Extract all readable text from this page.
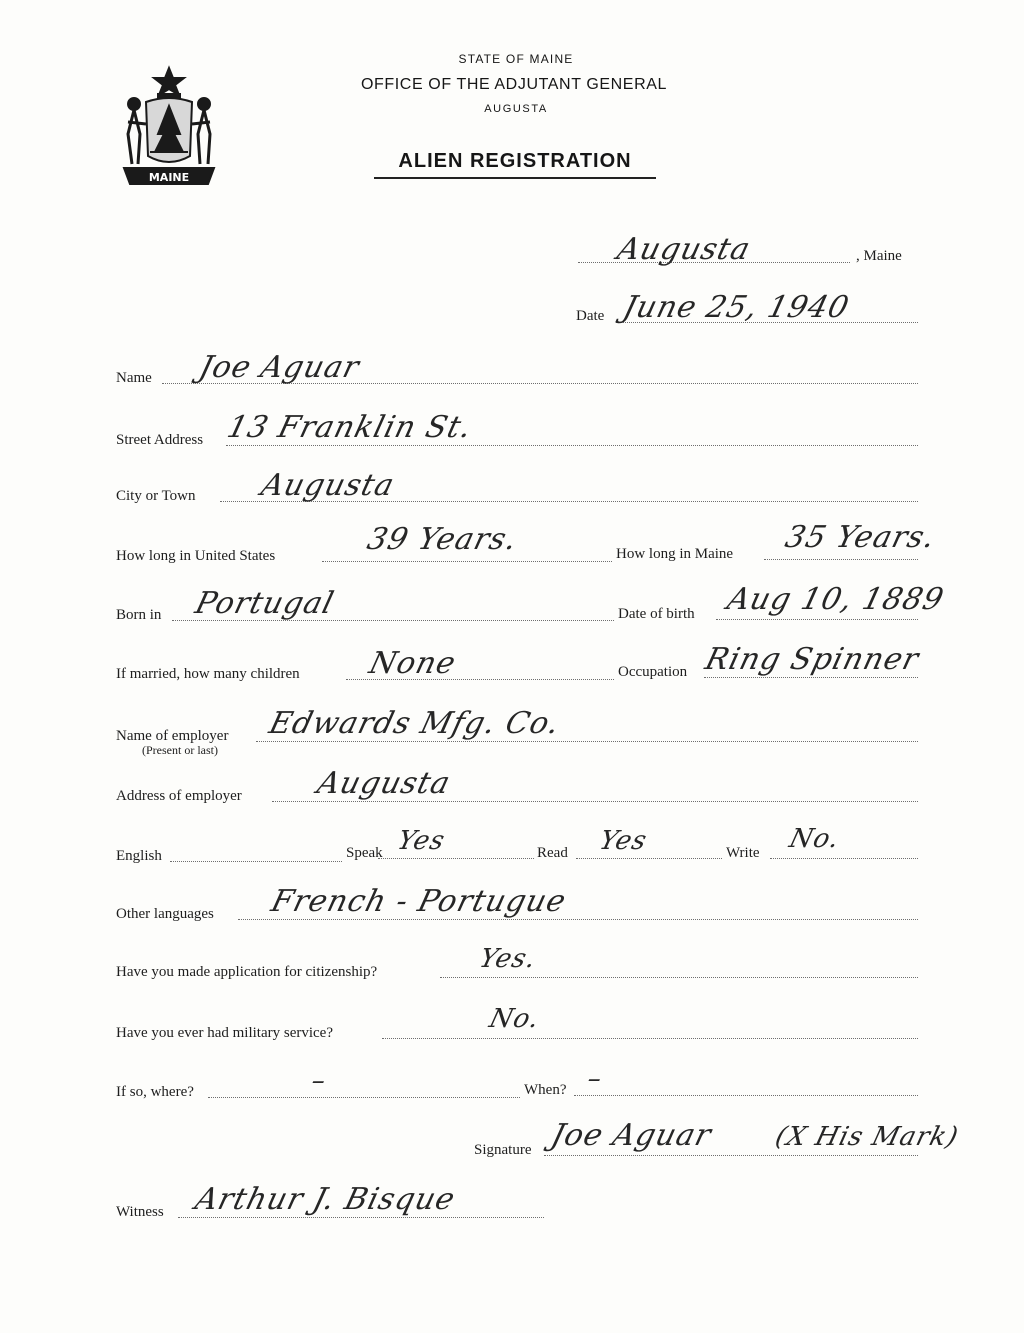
MAINE
STATE OF MAINE
OFFICE OF THE ADJUTANT GENERAL
AUGUSTA
ALIEN REGISTRATION
Augusta	, Maine
Date June 25, 1940
Name Joe Aguar
Street Address 13 Franklin St.
City or Town Augusta
How long in United States	39 Years.	How long in Maine 35 Years.
Born in Portugal	Date of birth Aug 10, 1889
If married, how many children None	Occupation Ring Spinner
Name of employer
(Present or last)
Edwards Mfg. Co.
Address of employer Augusta
English	Speak Yes	Read Yes	Write No.
Other languages French - Portugue
Have you made application for citizenship?	Yes.
Have you ever had military service?	No.
If so, where?	–	When? –
Signature Joe Aguar (X His Mark)
Witness Arthur J. Bisque
